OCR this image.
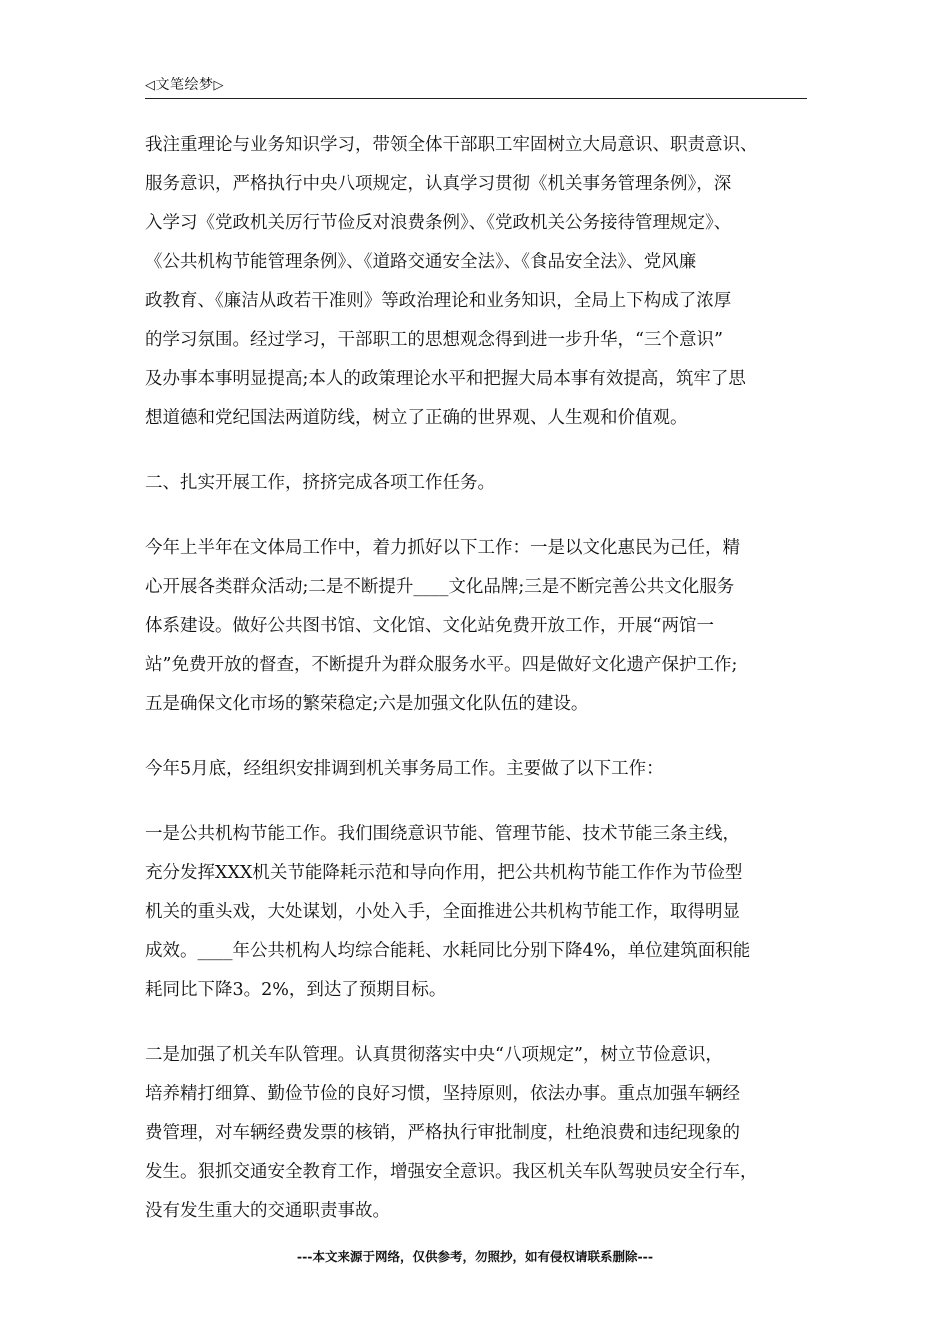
◁文笔绘梦▷

我注重理论与业务知识学习，带领全体干部职工牢固树立大局意识、职责意识、
服务意识，严格执行中央八项规定，认真学习贯彻《机关事务管理条例》，深
入学习《党政机关厉行节俭反对浪费条例》、《党政机关公务接待管理规定》、
《公共机构节能管理条例》、《道路交通安全法》、《食品安全法》、党风廉
政教育、《廉洁从政若干准则》等政治理论和业务知识，全局上下构成了浓厚
的学习氛围。经过学习，干部职工的思想观念得到进一步升华，“三个意识”
及办事本事明显提高;本人的政策理论水平和把握大局本事有效提高，筑牢了思
想道德和党纪国法两道防线，树立了正确的世界观、人生观和价值观。

二、扎实开展工作，挤挤完成各项工作任务。

今年上半年在文体局工作中，着力抓好以下工作：一是以文化惠民为己任，精
心开展各类群众活动;二是不断提升____文化品牌;三是不断完善公共文化服务
体系建设。做好公共图书馆、文化馆、文化站免费开放工作，开展“两馆一
站”免费开放的督查，不断提升为群众服务水平。四是做好文化遗产保护工作;
五是确保文化市场的繁荣稳定;六是加强文化队伍的建设。

今年5月底，经组织安排调到机关事务局工作。主要做了以下工作：

一是公共机构节能工作。我们围绕意识节能、管理节能、技术节能三条主线，
充分发挥XXX机关节能降耗示范和导向作用，把公共机构节能工作作为节俭型
机关的重头戏，大处谋划，小处入手，全面推进公共机构节能工作，取得明显
成效。____年公共机构人均综合能耗、水耗同比分别下降4%，单位建筑面积能
耗同比下降3。2%，到达了预期目标。

二是加强了机关车队管理。认真贯彻落实中央“八项规定”，树立节俭意识，
培养精打细算、勤俭节俭的良好习惯，坚持原则，依法办事。重点加强车辆经
费管理，对车辆经费发票的核销，严格执行审批制度，杜绝浪费和违纪现象的
发生。狠抓交通安全教育工作，增强安全意识。我区机关车队驾驶员安全行车，
没有发生重大的交通职责事故。

---本文来源于网络，仅供参考，勿照抄，如有侵权请联系删除---
